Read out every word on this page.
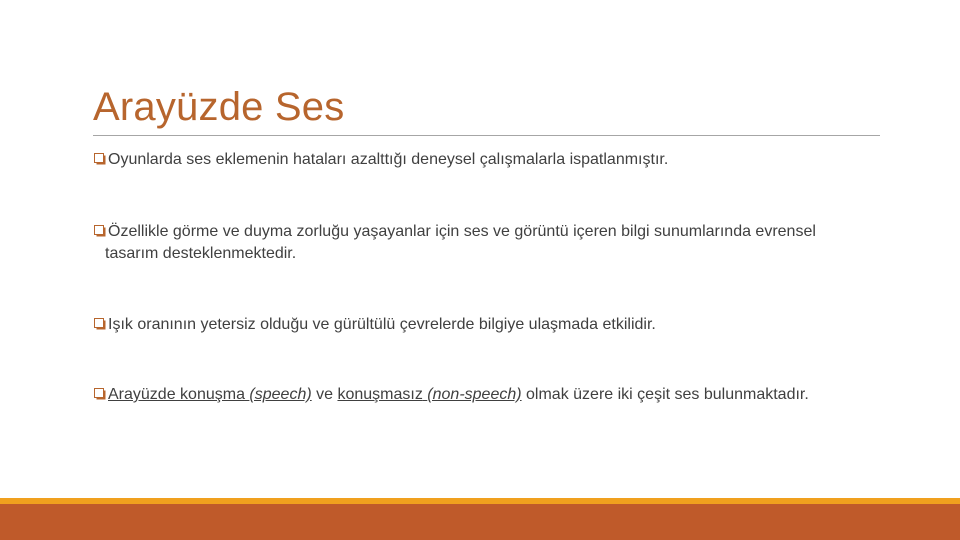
Arayüzde Ses
Oyunlarda ses eklemenin hataları azalttığı deneysel çalışmalarla ispatlanmıştır.
Özellikle görme ve duyma zorluğu yaşayanlar için ses ve görüntü içeren bilgi sunumlarında evrensel tasarım desteklenmektedir.
Işık oranının yetersiz olduğu ve gürültülü çevrelerde bilgiye ulaşmada etkilidir.
Arayüzde konuşma (speech) ve konuşmasız (non-speech) olmak üzere iki çeşit ses bulunmaktadır.
